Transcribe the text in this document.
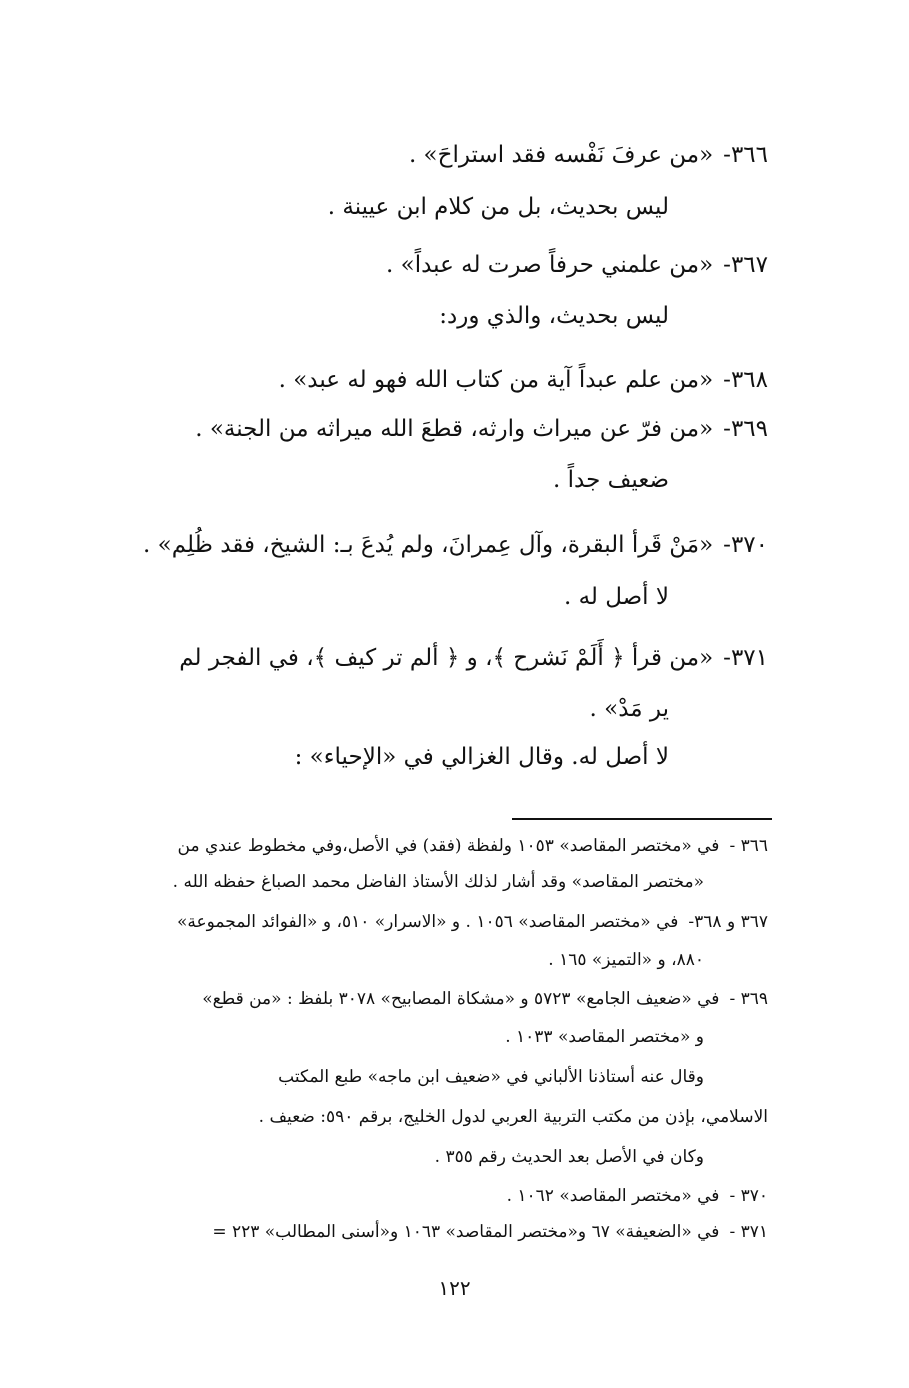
٣٦٦-«من عرفَ نَفْسه فقد استراحَ» .
ليس بحديث، بل من كلام ابن عيينة .
٣٦٧-«من علمني حرفاً صرت له عبداً» .
ليس بحديث، والذي ورد:
٣٦٨-«من علم عبداً آية من كتاب الله فهو له عبد» .
٣٦٩-«من فرّ عن ميراث وارثه، قطعَ الله ميراثه من الجنة» .
ضعيف جداً .
٣٧٠-«مَنْ قَرأ البقرة، وآل عِمرانَ، ولم يُدعَ بـ: الشيخ، فقد ظُلِم» .
لا أصل له .
٣٧١-«من قرأ ﴿ أَلَمْ نَشرح ﴾، و ﴿ ألم تر كيف ﴾، في الفجر لم
ير مَدْ» .
لا أصل له. وقال الغزالي في «الإحياء» :
٣٦٦ -في «مختصر المقاصد» ١٠٥٣ ولفظة (فقد) في الأصل،وفي مخطوط عندي من
«مختصر المقاصد» وقد أشار لذلك الأستاذ الفاضل محمد الصباغ حفظه الله .
٣٦٧ و ٣٦٨-في «مختصر المقاصد» ١٠٥٦ . و «الاسرار» ٥١٠، و «الفوائد المجموعة»
٨٨٠، و «التميز» ١٦٥ .
٣٦٩ -في «ضعيف الجامع» ٥٧٢٣ و «مشكاة المصابيح» ٣٠٧٨ بلفظ : «من قطع»
و «مختصر المقاصد» ١٠٣٣ .
وقال عنه أستاذنا الألباني في «ضعيف ابن ماجه» طبع المكتب
الاسلامي، بإذن من مكتب التربية العربي لدول الخليج، برقم ٥٩٠: ضعيف .
وكان في الأصل بعد الحديث رقم ٣٥٥ .
٣٧٠ -في «مختصر المقاصد» ١٠٦٢ .
٣٧١ -في «الضعيفة» ٦٧ و«مختصر المقاصد» ١٠٦٣ و«أسنى المطالب» ٢٢٣ =
١٢٢
